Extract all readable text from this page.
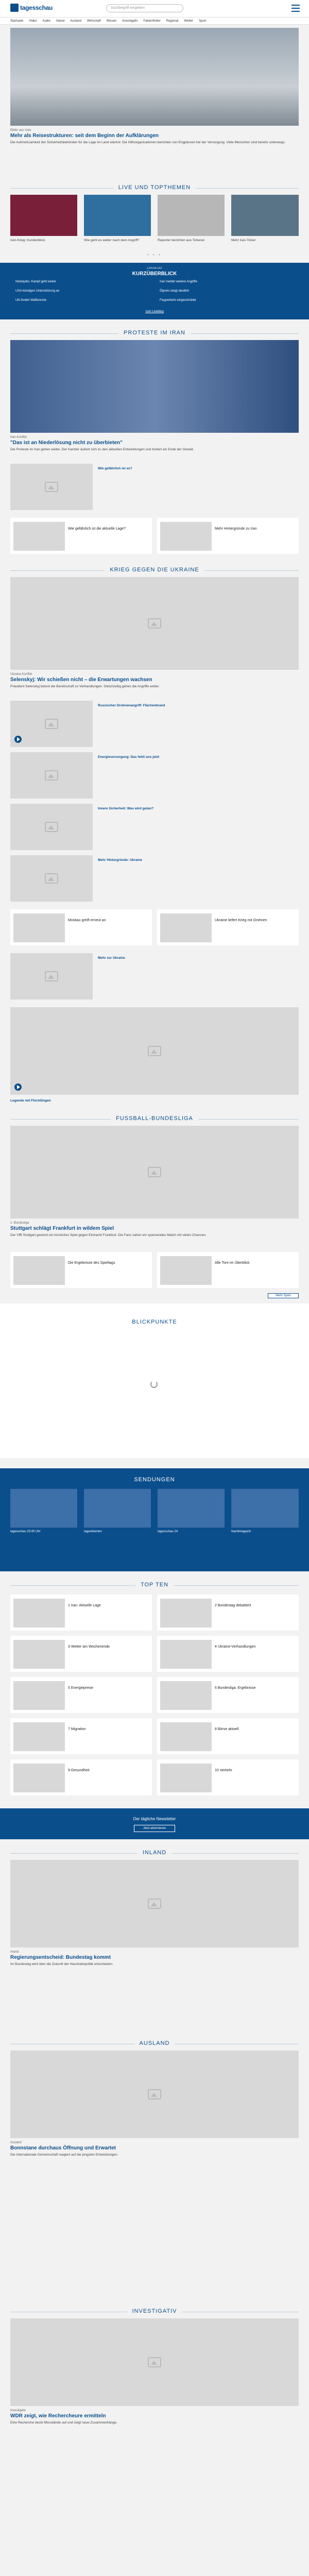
tagesschau	Suchbegriff eingeben
Startseite Video Audio Inland Ausland Wirtschaft Wissen Investigativ Faktenfinder Regional Wetter Sport
Bilder aus Uwe
Mehr als Reisestrukturen: seit dem Beginn der Aufklärungen
Die Aufmerksamkeit der Sicherheitsbehörden für die Lage im Land wächst: Die Hilfsorganisationen berichten von Engpässen bei der Versorgung. Viele Menschen sind bereits unterwegs.
LIVE UND TOPTHEMEN
Iran-Krieg: Kundenblick	Wie geht es weiter nach dem Angriff?	Reporter berichten aus Teheran	Mehr Iran-Ticker
• • •
LIVEBLOG
KURZÜBERBLICK
Netanjahu: Kampf geht weiter	Iran meldet weitere Angriffe
USA kündigen Unterstützung an	Ölpreis steigt deutlich
UN fordert Waffenruhe	Flugverkehr eingeschränkt
zum Liveblog
PROTESTE IM IRAN
Iran-Konflikt
"Das ist an Niederlösung nicht zu überbieten"
Die Proteste im Iran gehen weiter. Der Kanzler äußert sich zu den aktuellen Entwicklungen und fordert ein Ende der Gewalt.
Wie gefährlich ist es?
Wie gefährlich ist die aktuelle Lage?	Mehr Hintergründe zu Iran
KRIEG GEGEN DIE UKRAINE
Ukraine-Konflikt
Selenskyj: Wir schießen nicht – die Erwartungen wachsen
Präsident Selenskyj betont die Bereitschaft zu Verhandlungen. Gleichzeitig gehen die Angriffe weiter.
Russischer Drohnenangriff: Flächenbrand
Energieversorgung: Das fehlt uns jetzt
Innere Sicherheit: Was wird getan?
Mehr Hintergründe: Ukraine
Moskau greift erneut an	Ukraine liefert Krieg mit Drohnen
Mehr zur Ukraine
Legende mit Flüchtlingen
FUSSBALL-BUNDESLIGA
1. Bundesliga
Stuttgart schlägt Frankfurt in wildem Spiel
Der VfB Stuttgart gewinnt ein torreiches Spiel gegen Eintracht Frankfurt. Die Fans sahen ein spannendes Match mit vielen Chancen.
Die Ergebnisse des Spieltags	Alle Tore im Überblick
Mehr Sport
BLICKPUNKTE
SENDUNGEN
tagesschau 20:00 Uhr	tagesthemen	tagesschau 24	Nachtmagazin
TOP TEN
1 Iran: Aktuelle Lage	2 Bundestag debattiert
3 Wetter am Wochenende	4 Ukraine-Verhandlungen
5 Energiepreise	6 Bundesliga: Ergebnisse
7 Migration	8 Börse aktuell
9 Gesundheit	10 Verkehr
Der tägliche Newsletter
Jetzt abonnieren
INLAND
Inland
Regierungsentscheid: Bundestag kommt
Im Bundestag wird über die Zukunft der Haushaltspolitik entschieden.
AUSLAND
Ausland
Bonnstane durchaus Öffnung und Erwartet
Die internationale Gemeinschaft reagiert auf die jüngsten Entwicklungen.
INVESTIGATIV
Investigativ
WDR zeigt, wie Rechercheure ermitteln
Eine Recherche deckt Missstände auf und zeigt neue Zusammenhänge.
